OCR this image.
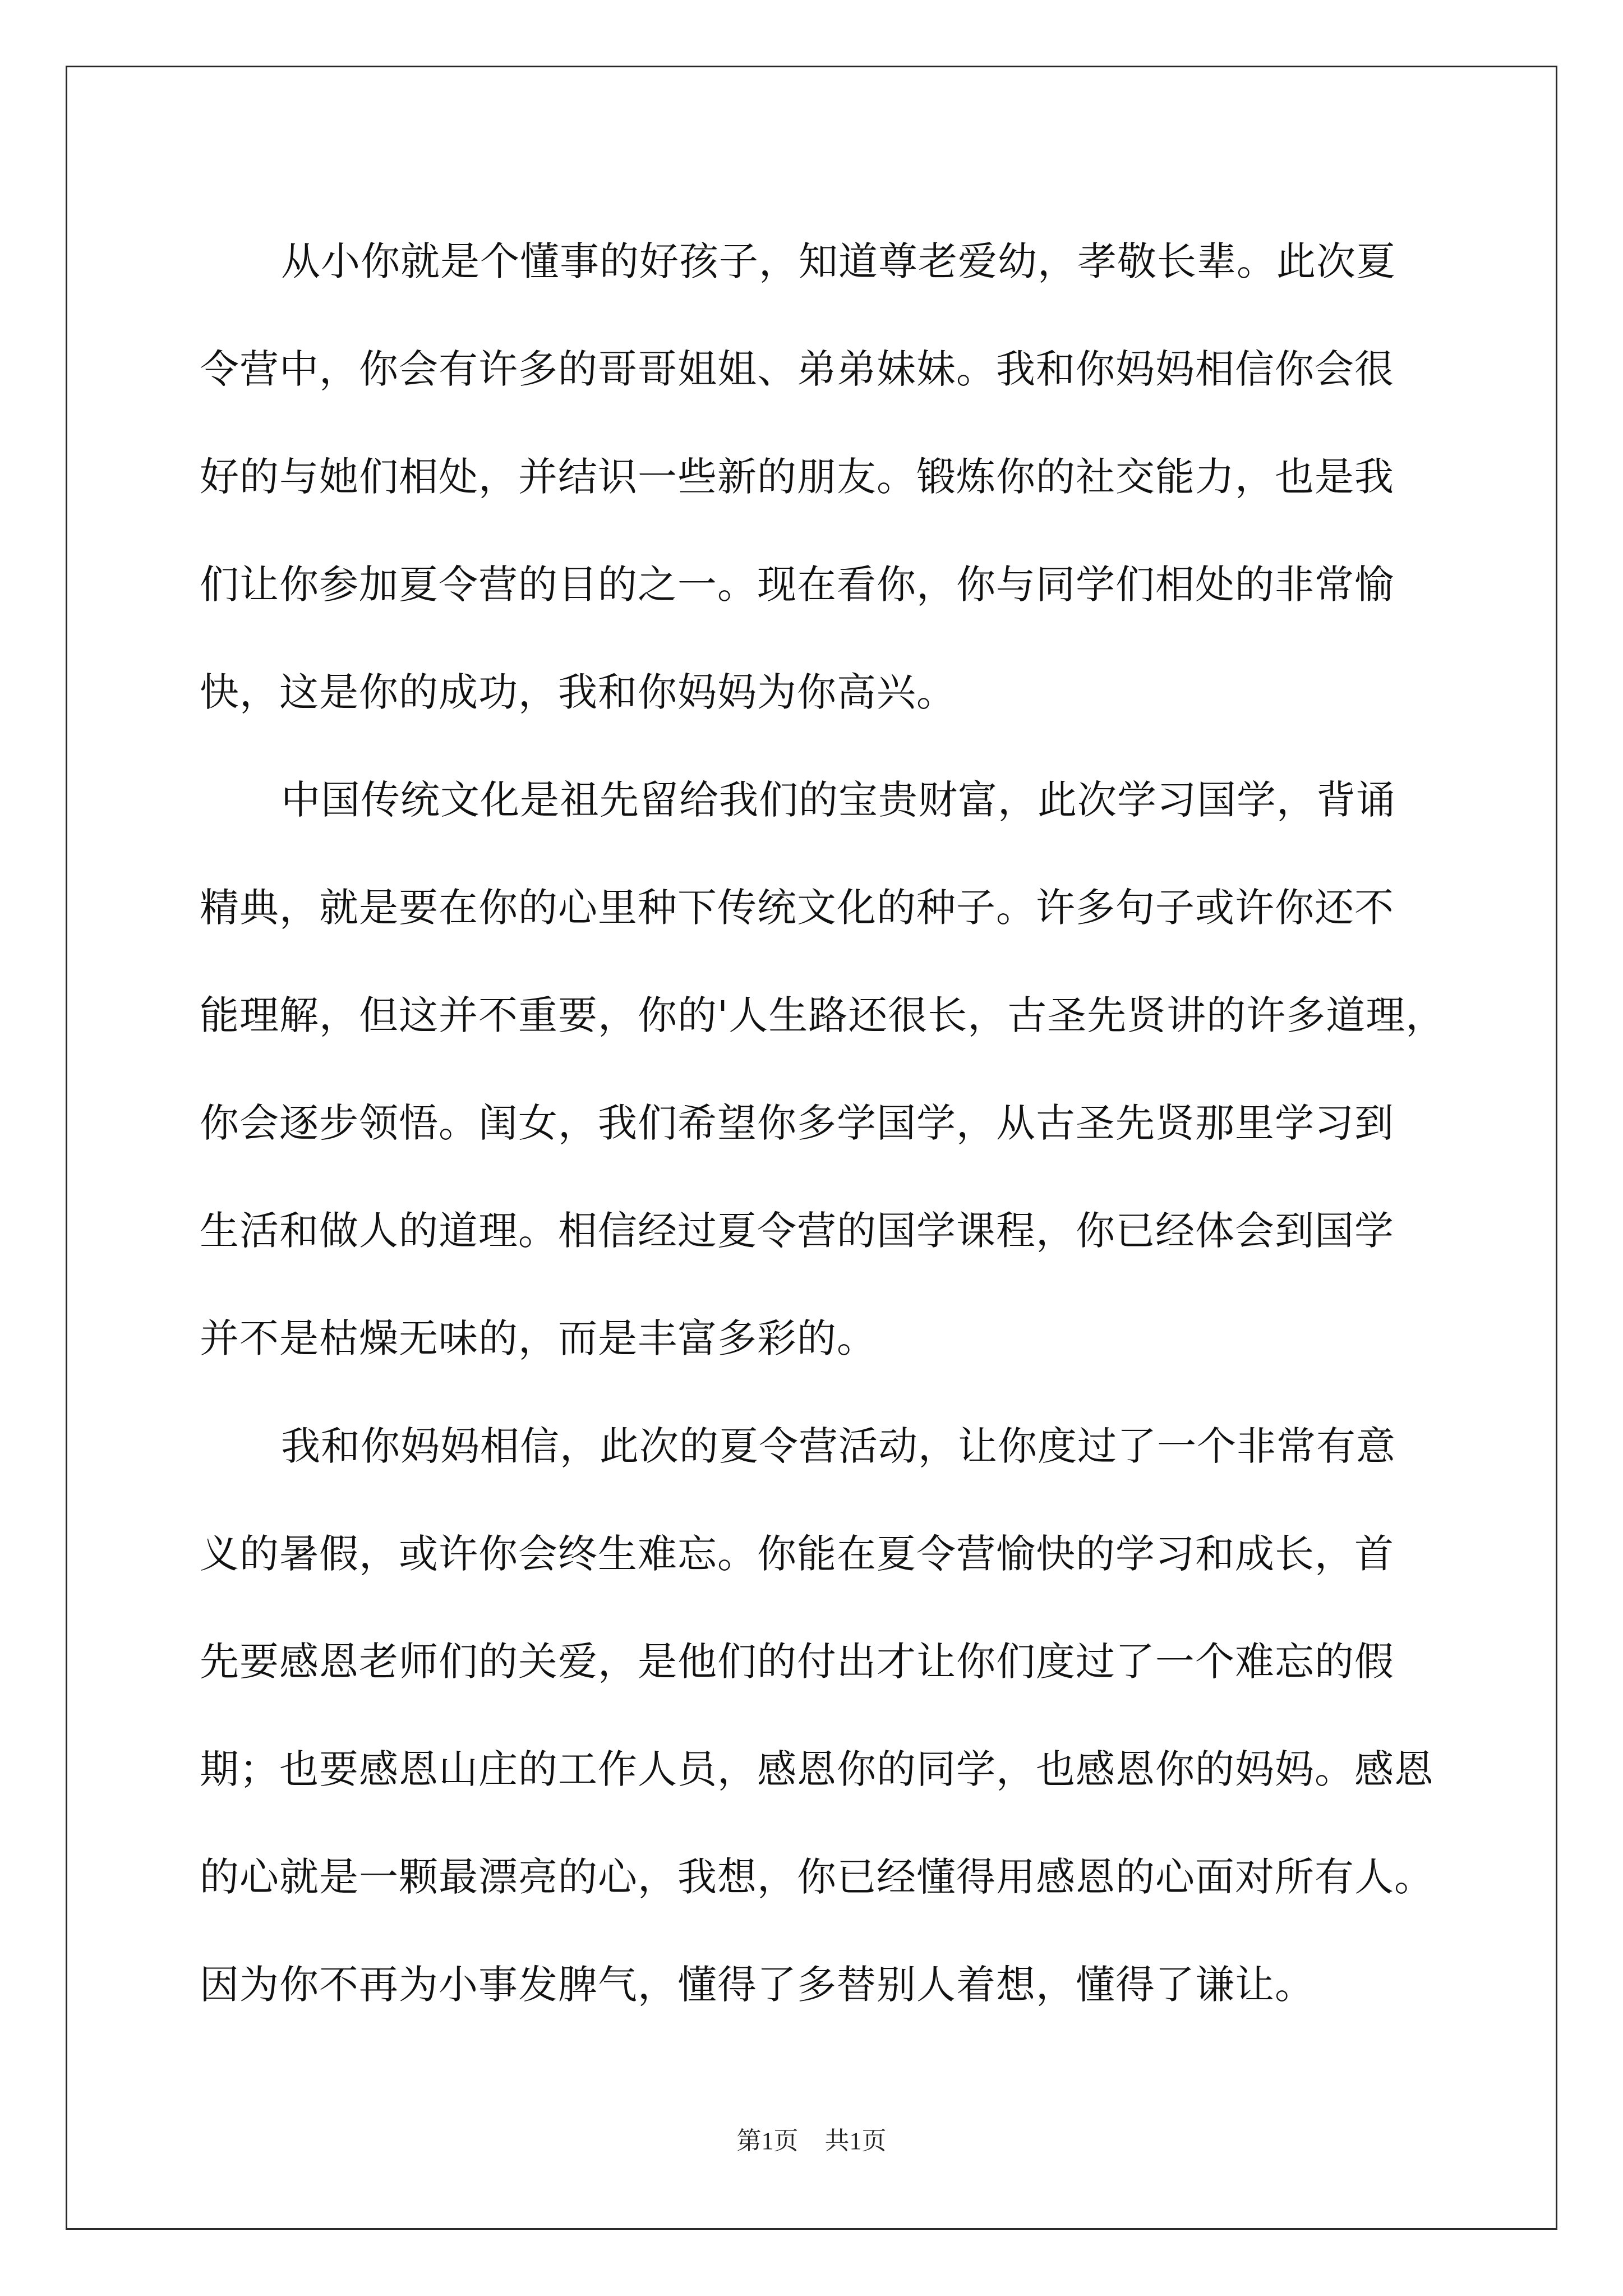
从小你就是个懂事的好孩子，知道尊老爱幼，孝敬长辈。此次夏
令营中，你会有许多的哥哥姐姐、弟弟妹妹。我和你妈妈相信你会很
好的与她们相处，并结识一些新的朋友。锻炼你的社交能力，也是我
们让你参加夏令营的目的之一。现在看你，你与同学们相处的非常愉
快，这是你的成功，我和你妈妈为你高兴。
中国传统文化是祖先留给我们的宝贵财富，此次学习国学，背诵
精典，就是要在你的心里种下传统文化的种子。许多句子或许你还不
能理解，但这并不重要，你的'人生路还很长，古圣先贤讲的许多道理，
你会逐步领悟。闺女，我们希望你多学国学，从古圣先贤那里学习到
生活和做人的道理。相信经过夏令营的国学课程，你已经体会到国学
并不是枯燥无味的，而是丰富多彩的。
我和你妈妈相信，此次的夏令营活动，让你度过了一个非常有意
义的暑假，或许你会终生难忘。你能在夏令营愉快的学习和成长，首
先要感恩老师们的关爱，是他们的付出才让你们度过了一个难忘的假
期；也要感恩山庄的工作人员，感恩你的同学，也感恩你的妈妈。感恩
的心就是一颗最漂亮的心，我想，你已经懂得用感恩的心面对所有人。
因为你不再为小事发脾气，懂得了多替别人着想，懂得了谦让。
第1页 共1页
